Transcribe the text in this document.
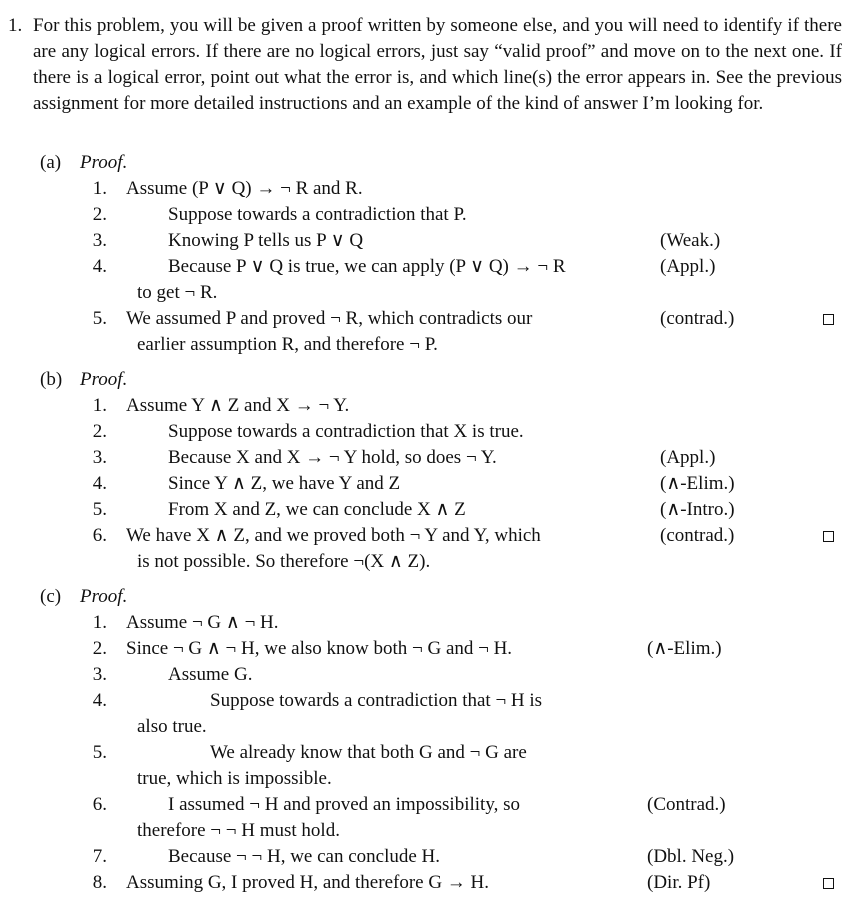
1. For this problem, you will be given a proof written by someone else, and you will need to identify if there are any logical errors. If there are no logical errors, just say “valid proof” and move on to the next one. If there is a logical error, point out what the error is, and which line(s) the error appears in. See the previous assignment for more detailed instructions and an example of the kind of answer I’m looking for.
(a) Proof.
1. Assume (P ∨ Q) → ¬ R and R.
2.	Suppose towards a contradiction that P.
3.	Knowing P tells us P ∨ Q	(Weak.)
4.	Because P ∨ Q is true, we can apply (P ∨ Q) → ¬ R	(Appl.)
to get ¬ R.
5. We assumed P and proved ¬ R, which contradicts our	(contrad.)
earlier assumption R, and therefore ¬ P.
(b) Proof.
1. Assume Y ∧ Z and X → ¬ Y.
2.	Suppose towards a contradiction that X is true.
3.	Because X and X → ¬ Y hold, so does ¬ Y.	(Appl.)
4.	Since Y ∧ Z, we have Y and Z	(∧-Elim.)
5.	From X and Z, we can conclude X ∧ Z	(∧-Intro.)
6. We have X ∧ Z, and we proved both ¬ Y and Y, which	(contrad.)
is not possible. So therefore ¬(X ∧ Z).
(c) Proof.
1. Assume ¬ G ∧ ¬ H.
2. Since ¬ G ∧ ¬ H, we also know both ¬ G and ¬ H.	(∧-Elim.)
3.	Assume G.
4.	Suppose towards a contradiction that ¬ H is
also true.
5.	We already know that both G and ¬ G are
true, which is impossible.
6.	I assumed ¬ H and proved an impossibility, so	(Contrad.)
therefore ¬ ¬ H must hold.
7.	Because ¬ ¬ H, we can conclude H.	(Dbl. Neg.)
8. Assuming G, I proved H, and therefore G → H.	(Dir. Pf)
